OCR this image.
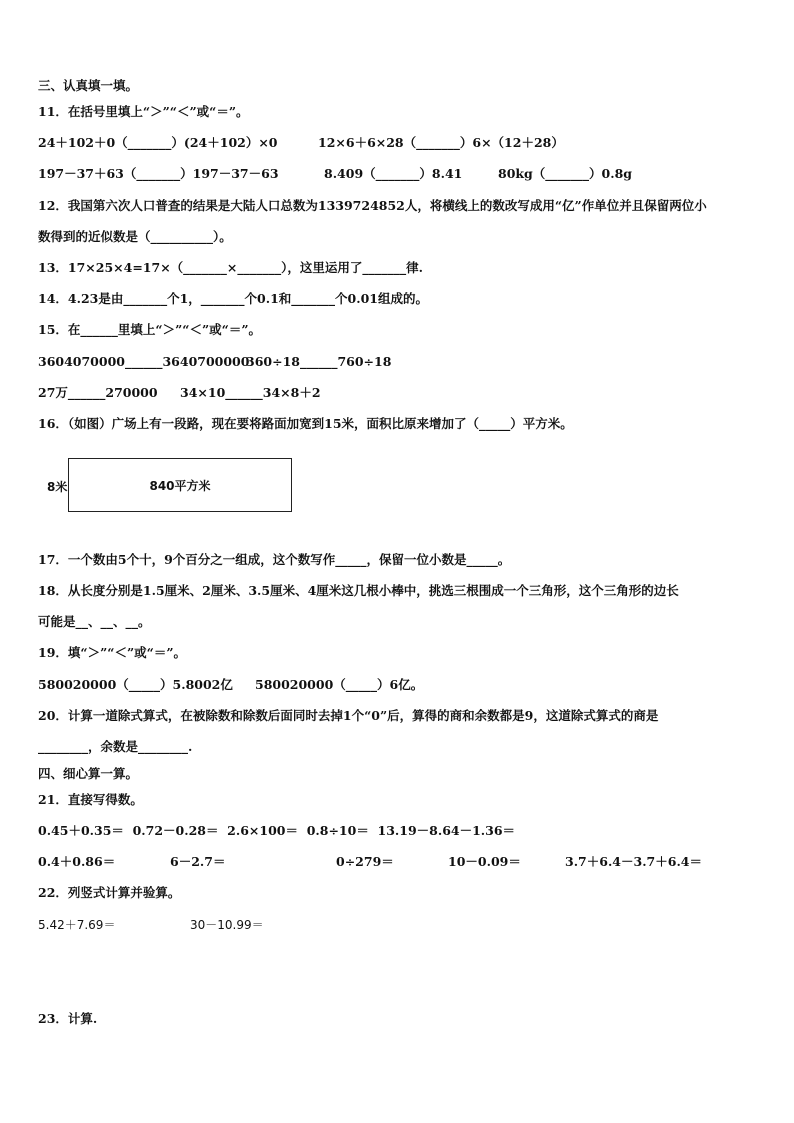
三、认真填一填。
11．在括号里填上“＞”“＜”或“＝”。
24＋102＋0（_______）(24＋102）×0	12×6＋6×28（_______）6×（12＋28）
197－37＋63（_______）197－37－63	8.409（_______）8.41	80kg（_______）0.8g
12．我国第六次人口普查的结果是大陆人口总数为1339724852人，将横线上的数改写成用“亿”作单位并且保留两位小
数得到的近似数是（__________）。
13．17×25×4=17×（_______×_______），这里运用了_______律.
14．4.23是由_______个1，_______个0.1和_______个0.01组成的。
15．在______里填上“＞”“＜”或“＝”。
3604070000______3640700000
360÷18______760÷18
27万______270000 34×10______34×8＋2
16．（如图）广场上有一段路，现在要将路面加宽到15米，面积比原来增加了（_____）平方米。
8米	840平方米
17．一个数由5个十，9个百分之一组成，这个数写作_____，保留一位小数是_____。
18．从长度分别是1.5厘米、2厘米、3.5厘米、4厘米这几根小棒中，挑选三根围成一个三角形，这个三角形的边长
可能是__、__、__。
19．填“＞”“＜”或“＝”。
580020000（_____）5.8002亿 580020000（_____）6亿。
20．计算一道除式算式，在被除数和除数后面同时去掉1个“0”后，算得的商和余数都是9，这道除式算式的商是
________，余数是________.
四、细心算一算。
21．直接写得数。
0.45＋0.35＝  0.72－0.28＝  2.6×100＝  0.8÷10＝  13.19－8.64－1.36＝
0.4＋0.86＝	6－2.7＝	0÷279＝	10－0.09＝	3.7＋6.4－3.7＋6.4＝
22．列竖式计算并验算。
5.42＋7.69＝	30－10.99＝
23．计算.
